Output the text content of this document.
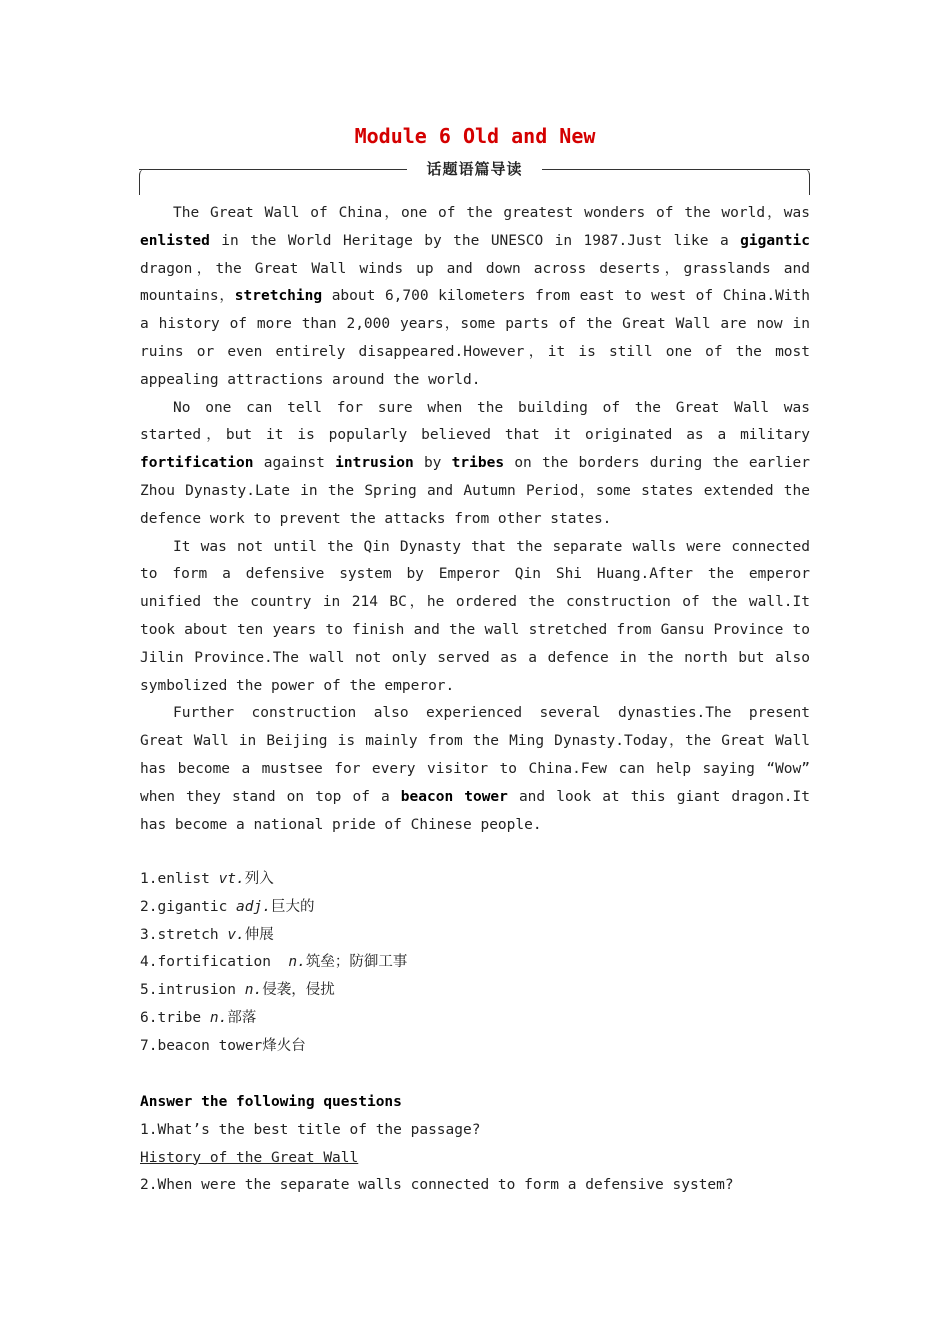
Module 6 Old and New
话题语篇导读

The Great Wall of China，one of the greatest wonders of the world，was enlisted in the World Heritage by the UNESCO in 1987.Just like a gigantic dragon，the Great Wall winds up and down across deserts，grasslands and mountains，stretching about 6,700 kilometers from east to west of China.With a history of more than 2,000 years，some parts of the Great Wall are now in ruins or even entirely disappeared.However，it is still one of the most appealing attractions around the world.

No one can tell for sure when the building of the Great Wall was started，but it is popularly believed that it originated as a military fortification against intrusion by tribes on the borders during the earlier Zhou Dynasty.Late in the Spring and Autumn Period，some states extended the defence work to prevent the attacks from other states.

It was not until the Qin Dynasty that the separate walls were connected to form a defensive system by Emperor Qin Shi Huang.After the emperor unified the country in 214 BC，he ordered the construction of the wall.It took about ten years to finish and the wall stretched from Gansu Province to Jilin Province.The wall not only served as a defence in the north but also symbolized the power of the emperor.

Further construction also experienced several dynasties.The present Great Wall in Beijing is mainly from the Ming Dynasty.Today，the Great Wall has become a mustsee for every visitor to China.Few can help saying “Wow” when they stand on top of a beacon tower and look at this giant dragon.It has become a national pride of Chinese people.

1.enlist vt.列入
2.gigantic adj.巨大的
3.stretch v.伸展
4.fortification  n.筑垒；防御工事
5.intrusion n.侵袭，侵扰
6.tribe n.部落
7.beacon tower烽火台
Answer the following questions
1.What’s the best title of the passage?
History of the Great Wall
2.When were the separate walls connected to form a defensive system?
